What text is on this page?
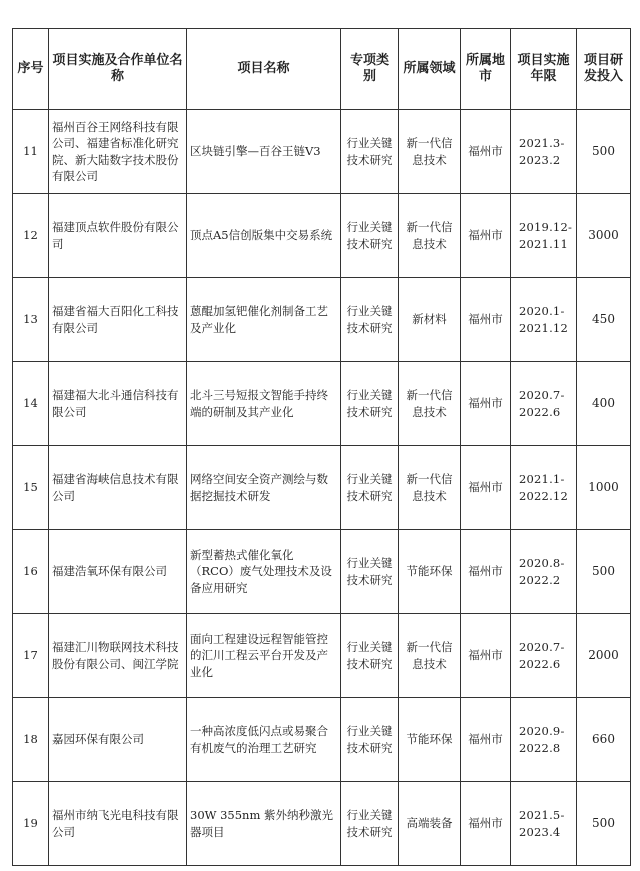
序号	项目实施及合作单位名称	项目名称	专项类别	所属领域	所属地市	项目实施年限	项目研发投入
11	福州百谷王网络科技有限公司、福建省标准化研究院、新大陆数字技术股份有限公司	区块链引擎—百谷王链V3	行业关键技术研究	新一代信息技术	福州市	2021.3-2023.2	500
12	福建顶点软件股份有限公司	顶点A5信创版集中交易系统	行业关键技术研究	新一代信息技术	福州市	2019.12-2021.11	3000
13	福建省福大百阳化工科技有限公司	蒽醌加氢钯催化剂制备工艺及产业化	行业关键技术研究	新材料	福州市	2020.1-2021.12	450
14	福建福大北斗通信科技有限公司	北斗三号短报文智能手持终端的研制及其产业化	行业关键技术研究	新一代信息技术	福州市	2020.7-2022.6	400
15	福建省海峡信息技术有限公司	网络空间安全资产测绘与数据挖掘技术研发	行业关键技术研究	新一代信息技术	福州市	2021.1-2022.12	1000
16	福建浩氧环保有限公司	新型蓄热式催化氧化（RCO）废气处理技术及设备应用研究	行业关键技术研究	节能环保	福州市	2020.8-2022.2	500
17	福建汇川物联网技术科技股份有限公司、闽江学院	面向工程建设远程智能管控的汇川工程云平台开发及产业化	行业关键技术研究	新一代信息技术	福州市	2020.7-2022.6	2000
18	嘉园环保有限公司	一种高浓度低闪点或易聚合有机废气的治理工艺研究	行业关键技术研究	节能环保	福州市	2020.9-2022.8	660
19	福州市纳飞光电科技有限公司	30W 355nm 紫外纳秒激光器项目	行业关键技术研究	高端装备	福州市	2021.5-2023.4	500
